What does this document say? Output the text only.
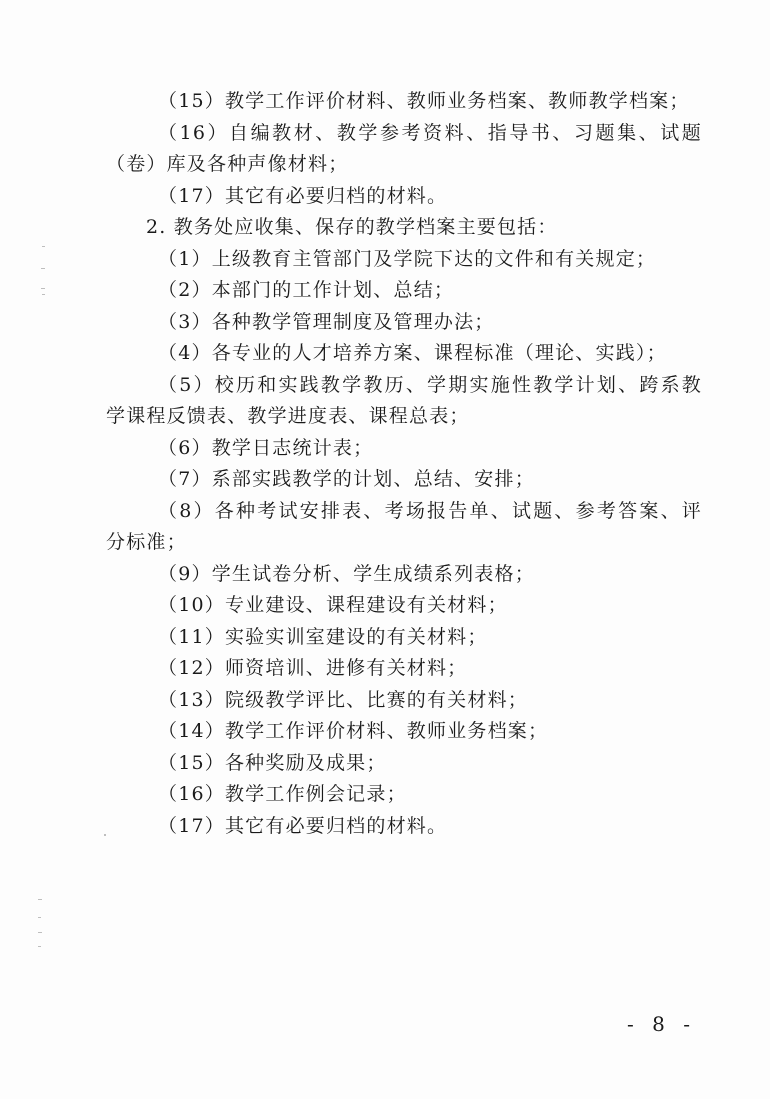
（15）教学工作评价材料、教师业务档案、教师教学档案；
（16）自编教材、教学参考资料、指导书、习题集、试题
（卷）库及各种声像材料；
（17）其它有必要归档的材料。
2. 教务处应收集、保存的教学档案主要包括：
（1）上级教育主管部门及学院下达的文件和有关规定；
（2）本部门的工作计划、总结；
（3）各种教学管理制度及管理办法；
（4）各专业的人才培养方案、课程标准（理论、实践）；
（5）校历和实践教学教历、学期实施性教学计划、跨系教
学课程反馈表、教学进度表、课程总表；
（6）教学日志统计表；
（7）系部实践教学的计划、总结、安排；
（8）各种考试安排表、考场报告单、试题、参考答案、评
分标准；
（9）学生试卷分析、学生成绩系列表格；
（10）专业建设、课程建设有关材料；
（11）实验实训室建设的有关材料；
（12）师资培训、进修有关材料；
（13）院级教学评比、比赛的有关材料；
（14）教学工作评价材料、教师业务档案；
（15）各种奖励及成果；
（16）教学工作例会记录；
（17）其它有必要归档的材料。
- 8 -
